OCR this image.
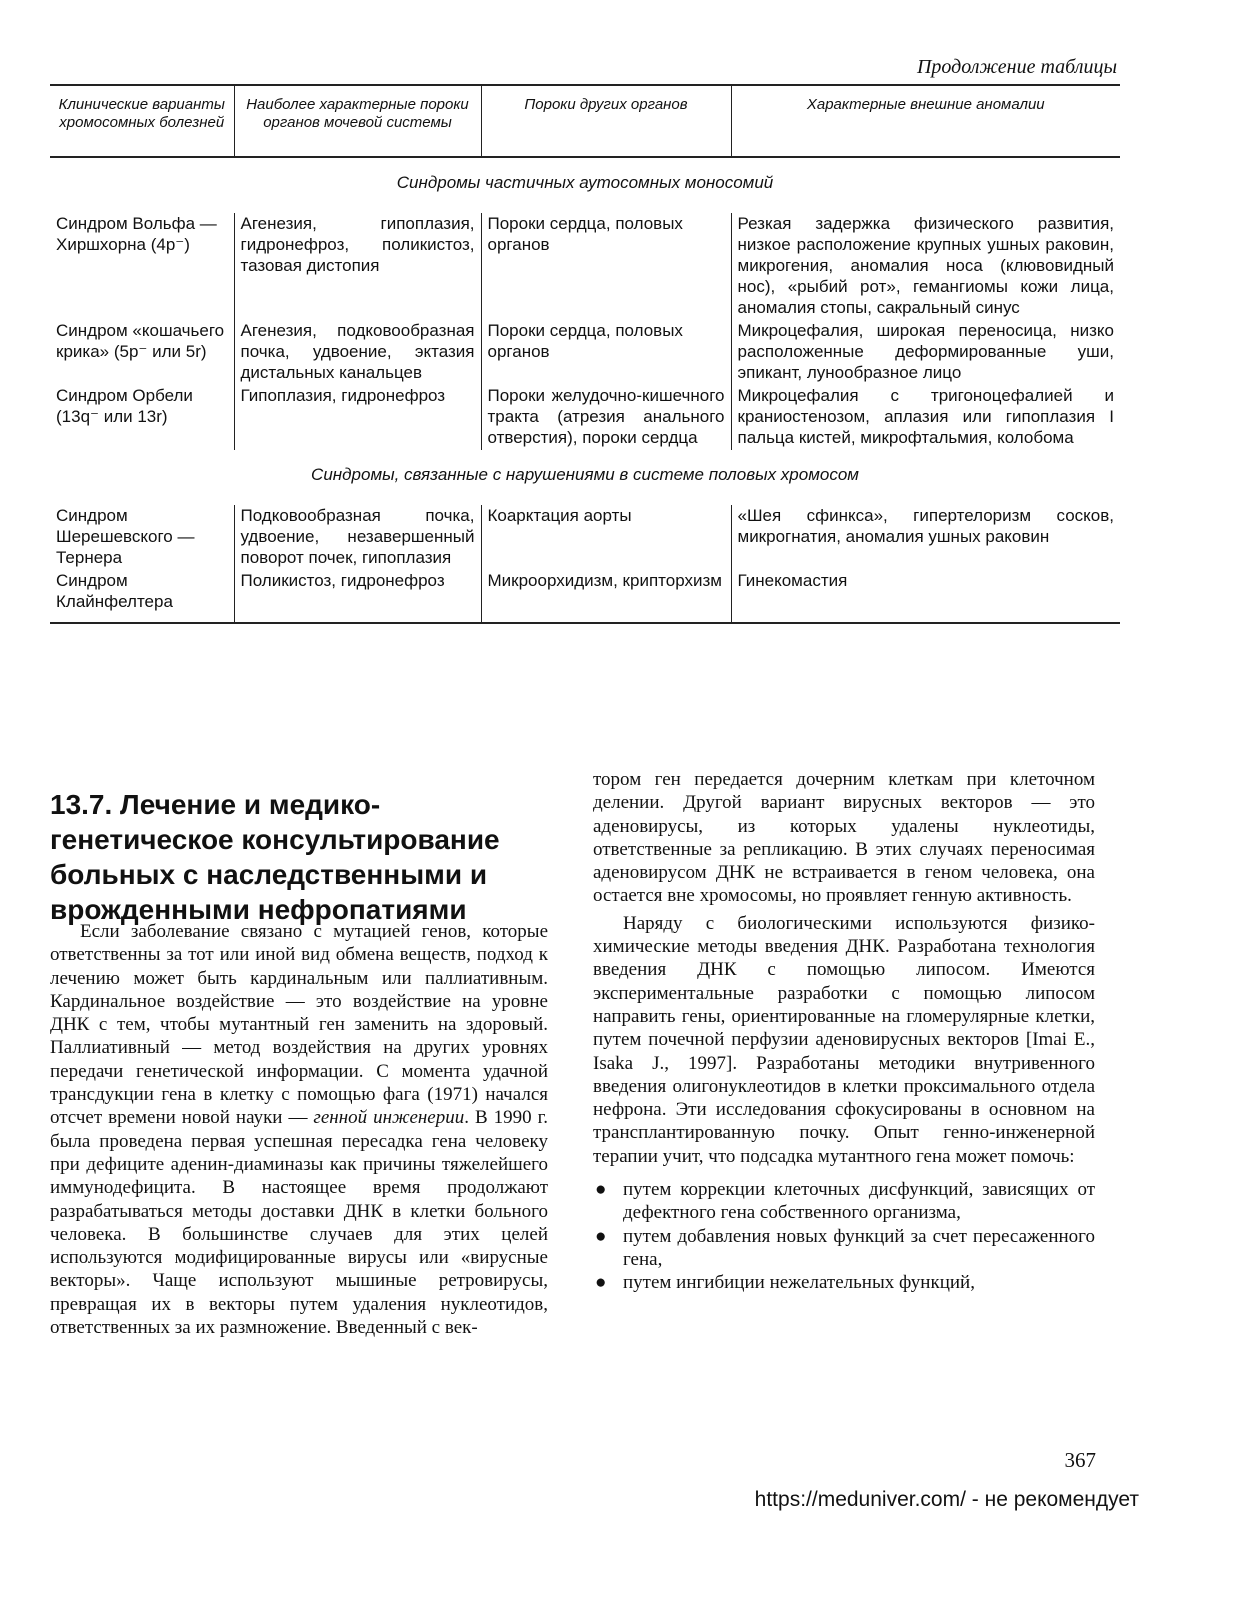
Продолжение таблицы
Клинические варианты хромосомных болезней	Наиболее характерные пороки органов мочевой системы	Пороки других органов	Характерные внешние аномалии
Синдромы частичных аутосомных моносомий			
Синдром Вольфа — Хиршхорна (4р⁻)	Агенезия, гипоплазия, гидронефроз, поликистоз, тазовая дистопия	Пороки сердца, половых органов	Резкая задержка физического развития, низкое расположение крупных ушных раковин, микрогения, аномалия носа (клювовидный нос), «рыбий рот», гемангиомы кожи лица, аномалия стопы, сакральный синус
Синдром «кошачьего крика» (5р⁻ или 5r)	Агенезия, подковообразная почка, удвоение, эктазия дистальных канальцев	Пороки сердца, половых органов	Микроцефалия, широкая переносица, низко расположенные деформированные уши, эпикант, лунообразное лицо
Синдром Орбели (13q⁻ или 13r)	Гипоплазия, гидронефроз	Пороки желудочно-кишечного тракта (атрезия анального отверстия), пороки сердца	Микроцефалия с тригоноцефалией и краниостенозом, аплазия или гипоплазия I пальца кистей, микрофтальмия, колобома
Синдромы, связанные с нарушениями в системе половых хромосом			
Синдром Шерешевского — Тернера	Подковообразная почка, удвоение, незавершенный поворот почек, гипоплазия	Коарктация аорты	«Шея сфинкса», гипертелоризм сосков, микрогнатия, аномалия ушных раковин
Синдром Клайнфелтера	Поликистоз, гидронефроз	Микроорхидизм, крипторхизм	Гинекомастия
13.7. Лечение и медико-генетическое консультирование больных с наследственными и врожденными нефропатиями

Если заболевание связано с мутацией генов, которые ответственны за тот или иной вид обмена веществ, подход к лечению может быть кардинальным или паллиативным. Кардинальное воздействие — это воздействие на уровне ДНК с тем, чтобы мутантный ген заменить на здоровый. Паллиативный — метод воздействия на других уровнях передачи генетической информации. С момента удачной трансдукции гена в клетку с помощью фага (1971) начался отсчет времени новой науки — генной инженерии. В 1990 г. была проведена первая успешная пересадка гена человеку при дефиците аденин-диаминазы как причины тяжелейшего иммунодефицита. В настоящее время продолжают разрабатываться методы доставки ДНК в клетки больного человека. В большинстве случаев для этих целей используются модифицированные вирусы или «вирусные векторы». Чаще используют мышиные ретровирусы, превращая их в векторы путем удаления нуклеотидов, ответственных за их размножение. Введенный с век-

тором ген передается дочерним клеткам при клеточном делении. Другой вариант вирусных векторов — это аденовирусы, из которых удалены нуклеотиды, ответственные за репликацию. В этих случаях переносимая аденовирусом ДНК не встраивается в геном человека, она остается вне хромосомы, но проявляет генную активность.

Наряду с биологическими используются физико-химические методы введения ДНК. Разработана технология введения ДНК с помощью липосом. Имеются экспериментальные разработки с помощью липосом направить гены, ориентированные на гломерулярные клетки, путем почечной перфузии аденовирусных векторов [Imai E., Isaka J., 1997]. Разработаны методики внутривенного введения олигонуклеотидов в клетки проксимального отдела нефрона. Эти исследования сфокусированы в основном на трансплантированную почку. Опыт генно-инженерной терапии учит, что подсадка мутантного гена может помочь:

● путем коррекции клеточных дисфункций, зависящих от дефектного гена собственного организма,
● путем добавления новых функций за счет пересаженного гена,
● путем ингибиции нежелательных функций,
367
https://meduniver.com/ - не рекомендует
